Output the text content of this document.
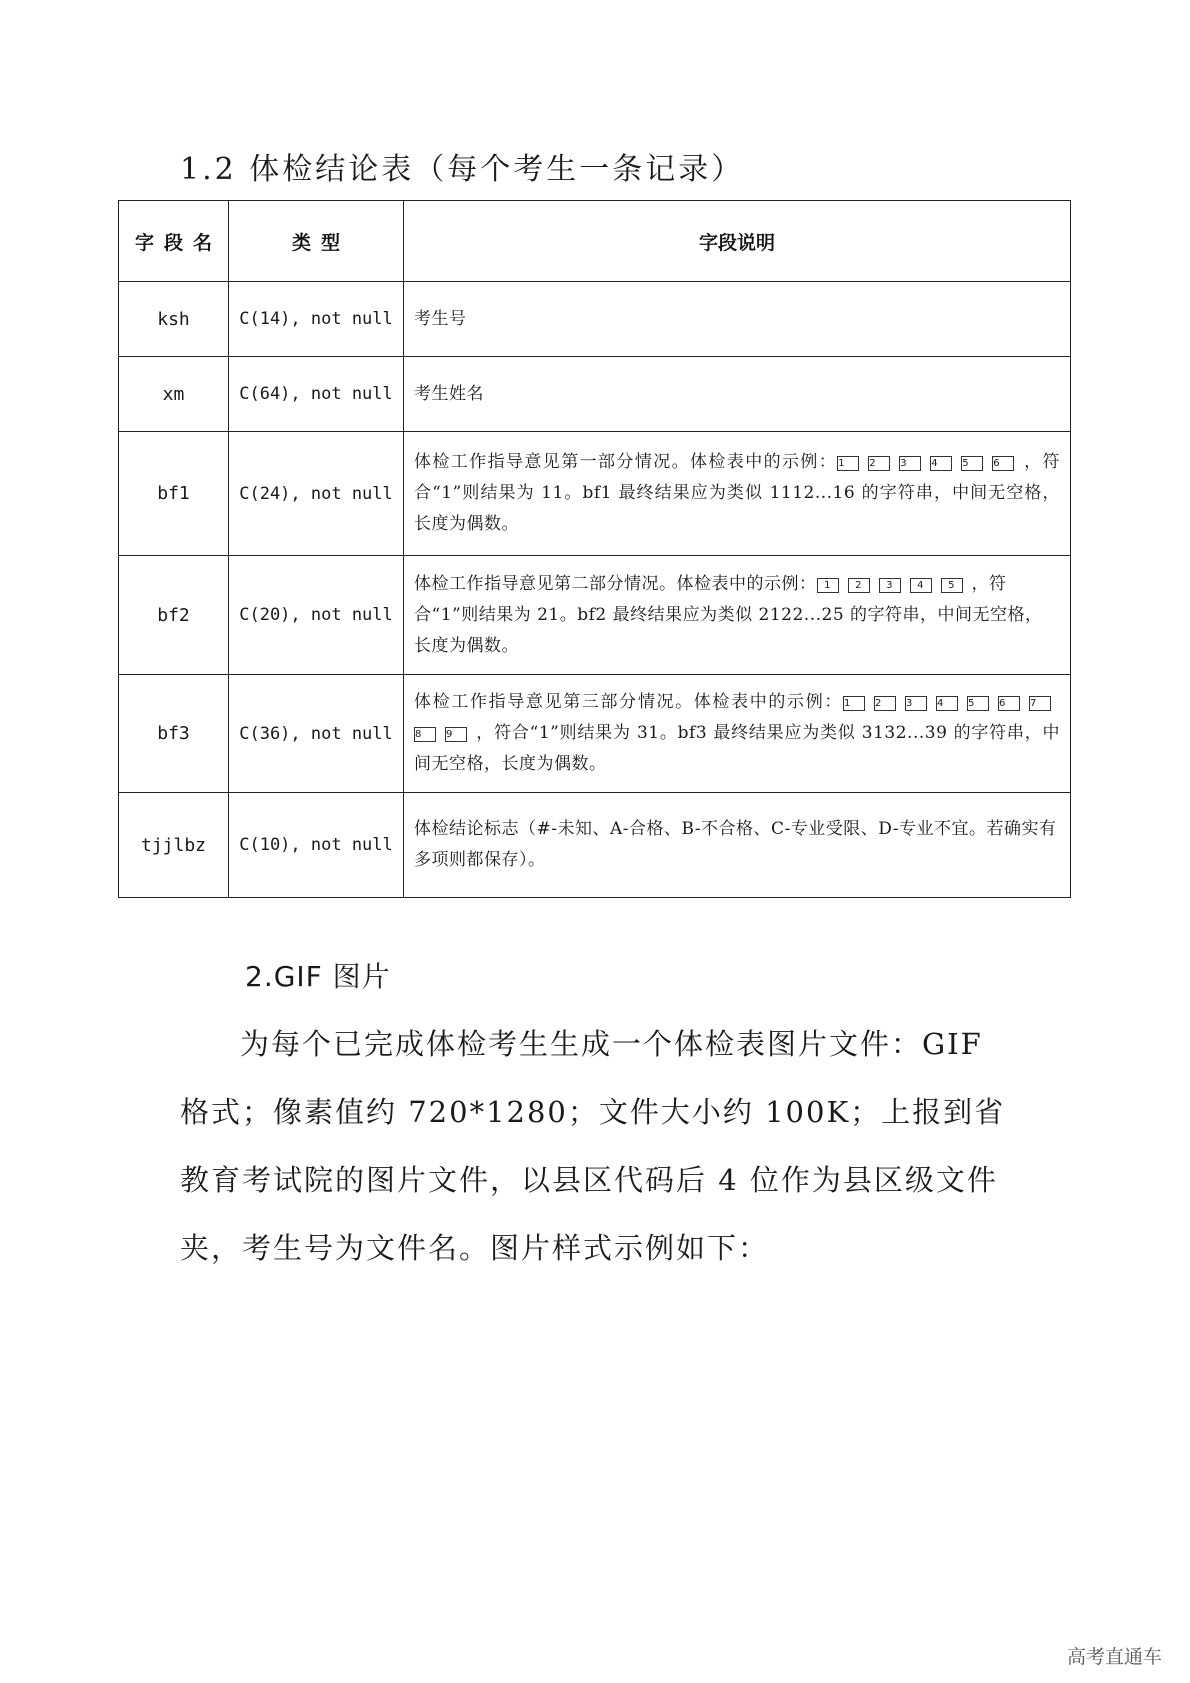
1.2 体检结论表（每个考生一条记录）
字段名	类型	字段说明
ksh	C(14), not null	考生号
xm	C(64), not null	考生姓名
bf1	C(24), not null	体检工作指导意见第一部分情况。体检表中的示例：1 2 3 4 5 6 ，符合“1”则结果为 11。bf1 最终结果应为类似 1112...16 的字符串，中间无空格，长度为偶数。
bf2	C(20), not null	体检工作指导意见第二部分情况。体检表中的示例： 1 2 3 4 5 ，符合“1”则结果为 21。bf2 最终结果应为类似 2122...25 的字符串，中间无空格，长度为偶数。
bf3	C(36), not null	体检工作指导意见第三部分情况。体检表中的示例：1 2 3 4 5 6 78 9 ，符合“1”则结果为 31。bf3 最终结果应为类似 3132...39 的字符串，中间无空格，长度为偶数。
tjjlbz	C(10), not null	体检结论标志（#-未知、A-合格、B-不合格、C-专业受限、D-专业不宜。若确实有多项则都保存）。
2.GIF 图片

为每个已完成体检考生生成一个体检表图片文件：GIF 格式；像素值约 720*1280；文件大小约 100K；上报到省教育考试院的图片文件，以县区代码后 4 位作为县区级文件夹，考生号为文件名。图片样式示例如下：

高考直通车
